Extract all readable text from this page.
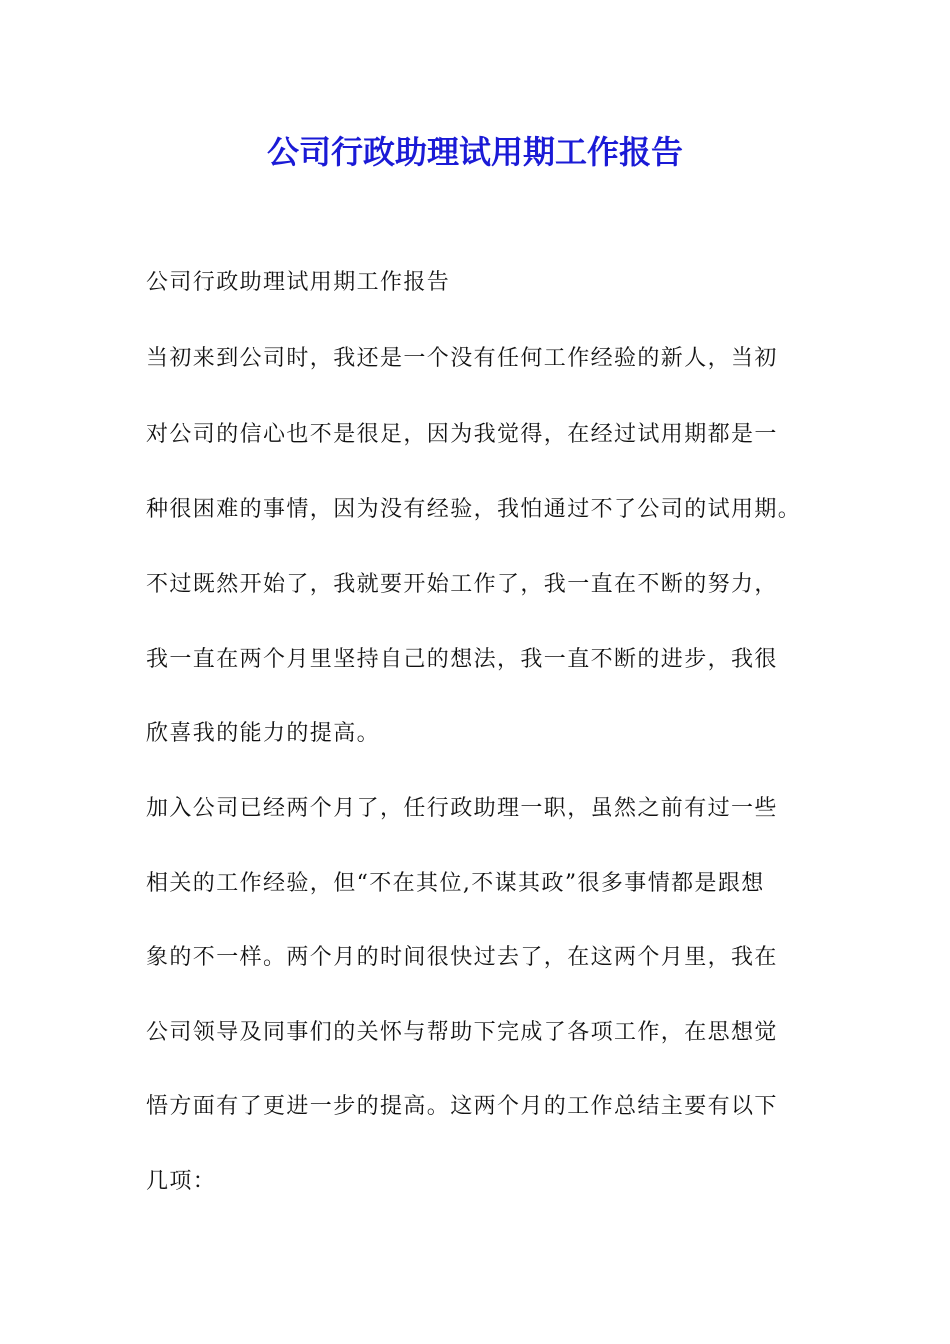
公司行政助理试用期工作报告
公司行政助理试用期工作报告
当初来到公司时，我还是一个没有任何工作经验的新人，当初
对公司的信心也不是很足，因为我觉得，在经过试用期都是一
种很困难的事情，因为没有经验，我怕通过不了公司的试用期。
不过既然开始了，我就要开始工作了，我一直在不断的努力，
我一直在两个月里坚持自己的想法，我一直不断的进步，我很
欣喜我的能力的提高。
加入公司已经两个月了，任行政助理一职，虽然之前有过一些
相关的工作经验，但“不在其位,不谋其政”很多事情都是跟想
象的不一样。两个月的时间很快过去了，在这两个月里，我在
公司领导及同事们的关怀与帮助下完成了各项工作，在思想觉
悟方面有了更进一步的提高。这两个月的工作总结主要有以下
几项：
